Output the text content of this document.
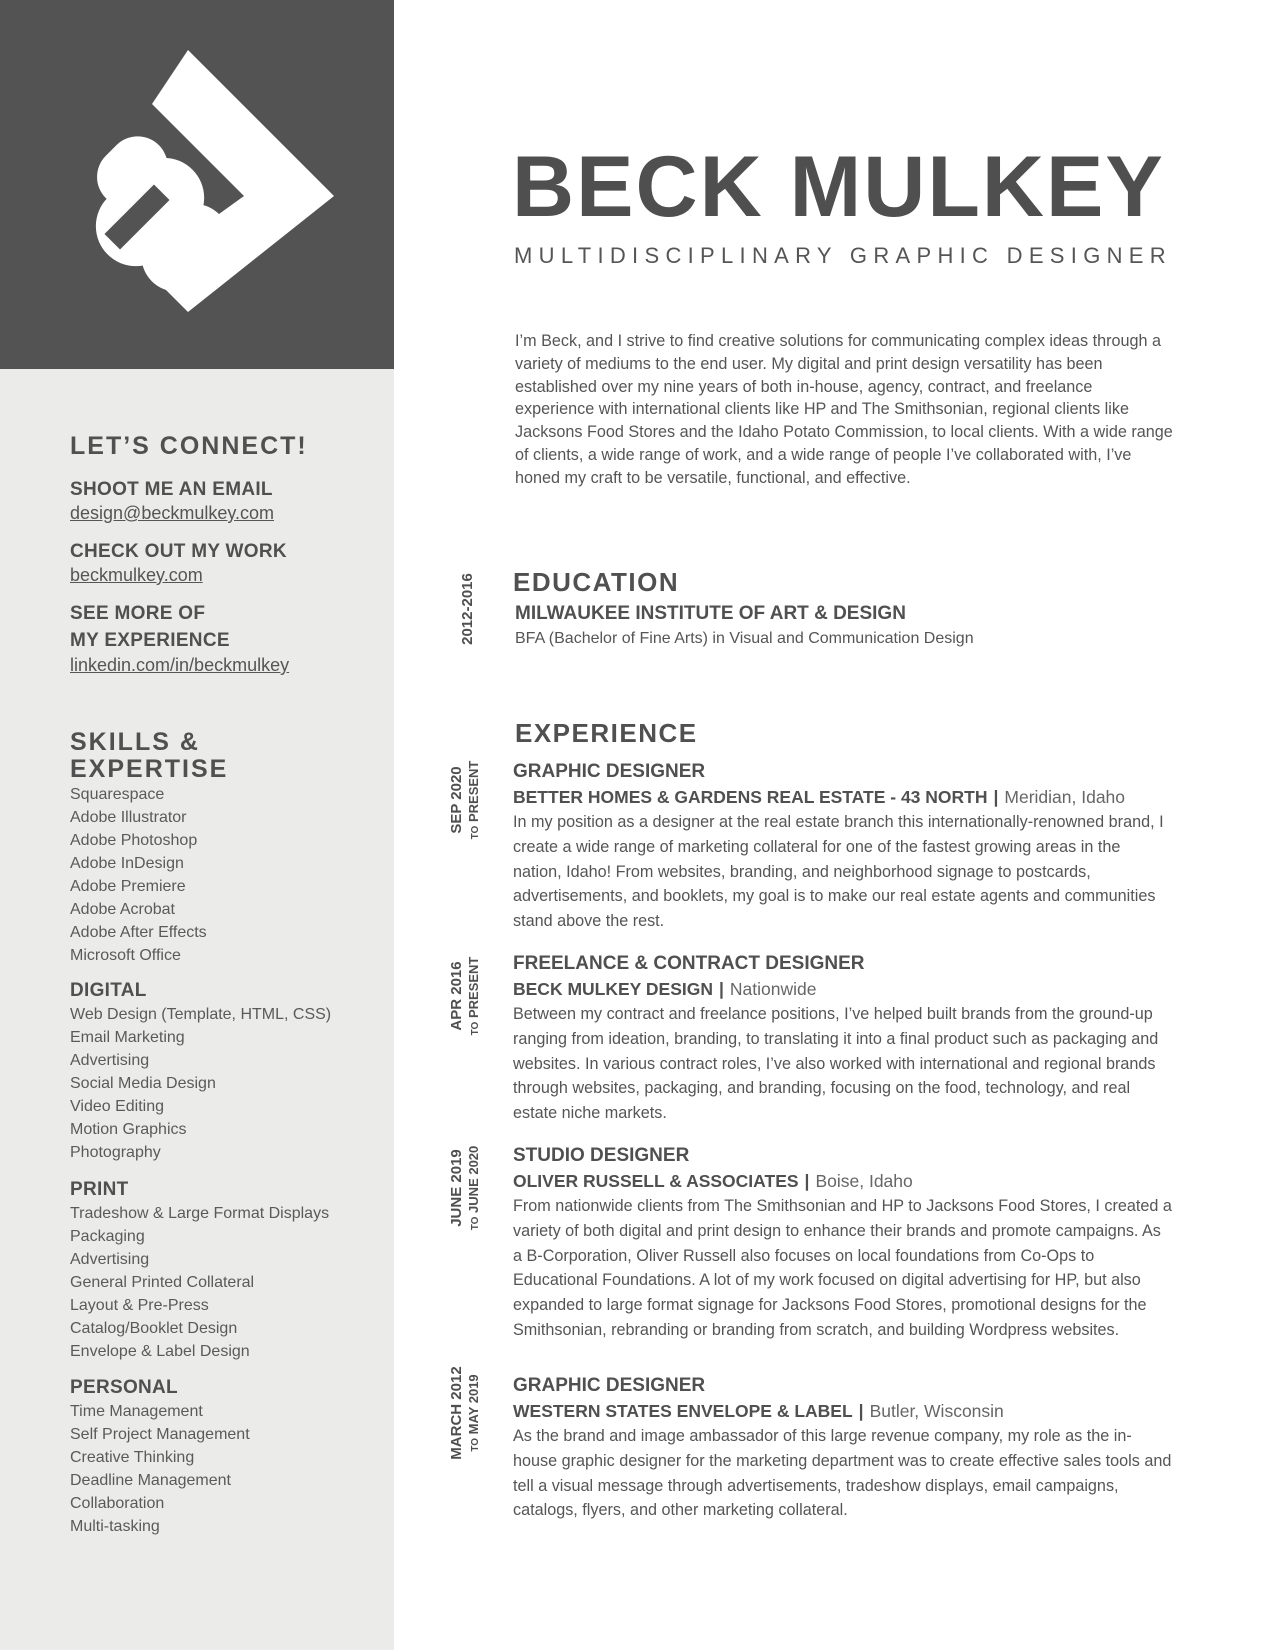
LET’S CONNECT!
SHOOT ME AN EMAIL
design@beckmulkey.com
CHECK OUT MY WORK
beckmulkey.com
SEE MORE OF
MY EXPERIENCE
linkedin.com/in/beckmulkey
SKILLS &
EXPERTISE
Squarespace
Adobe Illustrator
Adobe Photoshop
Adobe InDesign
Adobe Premiere
Adobe Acrobat
Adobe After Effects
Microsoft Office
DIGITAL
Web Design (Template, HTML, CSS)
Email Marketing
Advertising
Social Media Design
Video Editing
Motion Graphics
Photography
PRINT
Tradeshow & Large Format Displays
Packaging
Advertising
General Printed Collateral
Layout & Pre-Press
Catalog/Booklet Design
Envelope & Label Design
PERSONAL
Time Management
Self Project Management
Creative Thinking
Deadline Management
Collaboration
Multi-tasking
BECK MULKEY
MULTIDISCIPLINARY GRAPHIC DESIGNER

I’m Beck, and I strive to find creative solutions for communicating complex ideas through a variety of mediums to the end user. My digital and print design versatility has been established over my nine years of both in-house, agency, contract, and freelance experience with international clients like HP and The Smithsonian, regional clients like Jacksons Food Stores and the Idaho Potato Commission, to local clients. With a wide range of clients, a wide range of work, and a wide range of people I’ve collaborated with, I’ve honed my craft to be versatile, functional, and effective.

2012-2016 EDUCATION
MILWAUKEE INSTITUTE OF ART & DESIGN
BFA (Bachelor of Fine Arts) in Visual and Communication Design
EXPERIENCE
GRAPHIC DESIGNER
BETTER HOMES & GARDENS REAL ESTATE - 43 NORTH | Meridian, Idaho

In my position as a designer at the real estate branch this internationally-renowned brand, I create a wide range of marketing collateral for one of the fastest growing areas in the nation, Idaho! From websites, branding, and neighborhood signage to postcards, advertisements, and booklets, my goal is to make our real estate agents and communities stand above the rest.

FREELANCE & CONTRACT DESIGNER
BECK MULKEY DESIGN | Nationwide

Between my contract and freelance positions, I’ve helped built brands from the ground-up ranging from ideation, branding, to translating it into a final product such as packaging and websites. In various contract roles, I’ve also worked with international and regional brands through websites, packaging, and branding, focusing on the food, technology, and real estate niche markets.

STUDIO DESIGNER
OLIVER RUSSELL & ASSOCIATES | Boise, Idaho

From nationwide clients from The Smithsonian and HP to Jacksons Food Stores, I created a variety of both digital and print design to enhance their brands and promote campaigns. As a B-Corporation, Oliver Russell also focuses on local foundations from Co-Ops to Educational Foundations. A lot of my work focused on digital advertising for HP, but also expanded to large format signage for Jacksons Food Stores, promotional designs for the Smithsonian, rebranding or branding from scratch, and building Wordpress websites.

GRAPHIC DESIGNER
WESTERN STATES ENVELOPE & LABEL | Butler, Wisconsin

As the brand and image ambassador of this large revenue company, my role as the in-house graphic designer for the marketing department was to create effective sales tools and tell a visual message through advertisements, tradeshow displays, email campaigns, catalogs, flyers, and other marketing collateral.

SEP 2020 TO PRESENT
APR 2016 TO PRESENT
JUNE 2019 TO JUNE 2020
MARCH 2012 TO MAY 2019
